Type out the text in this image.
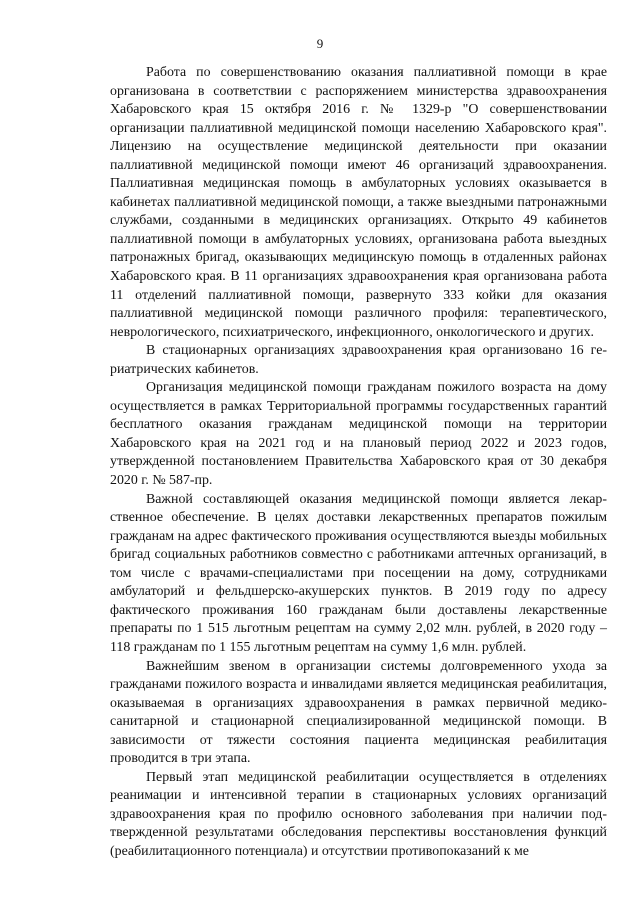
9

Работа по совершенствованию оказания паллиативной помощи в крае организована в соответствии с распоряжением министерства здравоохранения Хабаровского края 15 октября 2016 г. № 1329-р "О совершенствовании организации паллиативной медицинской помощи населению Хабаровского края". Лицензию на осуществление медицинской деятельности при оказании паллиативной медицинской помощи имеют 46 организаций здравоохранения. Паллиативная медицинская помощь в амбулаторных условиях оказывается в кабинетах паллиативной медицинской помощи, а также выездными патронажными службами, созданными в медицинских организациях. Открыто 49 кабинетов паллиативной помощи в амбулаторных условиях, организована работа выездных патронажных бригад, оказывающих медицинскую помощь в отдаленных районах Хабаровского края. В 11 организациях здравоохранения края организована работа 11 отделений паллиативной помощи, развернуто 333 койки для оказания паллиативной медицинской помощи различного профиля: терапевтического, неврологического, психиатрического, инфекционного, онкологического и других.

В стационарных организациях здравоохранения края организовано 16 гериатрических кабинетов.

Организация медицинской помощи гражданам пожилого возраста на дому осуществляется в рамках Территориальной программы государственных гарантий бесплатного оказания гражданам медицинской помощи на территории Хабаровского края на 2021 год и на плановый период 2022 и 2023 годов, утвержденной постановлением Правительства Хабаровского края от 30 декабря 2020 г. № 587-пр.

Важной составляющей оказания медицинской помощи является лекарственное обеспечение. В целях доставки лекарственных препаратов пожилым гражданам на адрес фактического проживания осуществляются выезды мобильных бригад социальных работников совместно с работниками аптечных организаций, в том числе с врачами-специалистами при посещении на дому, сотрудниками амбулаторий и фельдшерско-акушерских пунктов. В 2019 году по адресу фактического проживания 160 гражданам были доставлены лекарственные препараты по 1 515 льготным рецептам на сумму 2,02 млн. рублей, в 2020 году – 118 гражданам по 1 155 льготным рецептам на сумму 1,6 млн. рублей.

Важнейшим звеном в организации системы долговременного ухода за гражданами пожилого возраста и инвалидами является медицинская реабилитация, оказываемая в организациях здравоохранения в рамках первичной медико-санитарной и стационарной специализированной медицинской помощи. В зависимости от тяжести состояния пациента медицинская реабилитация проводится в три этапа.

Первый этап медицинской реабилитации осуществляется в отделениях реанимации и интенсивной терапии в стационарных условиях организаций здравоохранения края по профилю основного заболевания при наличии подтвержденной результатами обследования перспективы восстановления функций (реабилитационного потенциала) и отсутствии противопоказаний к ме
